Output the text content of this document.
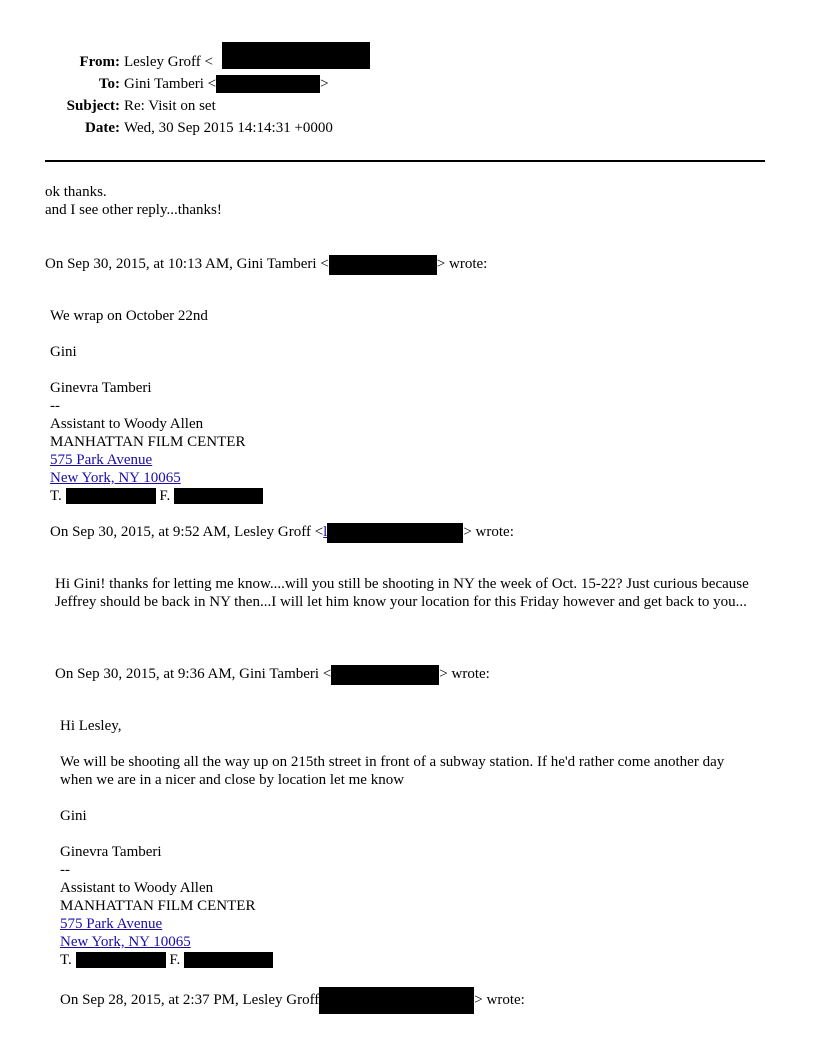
From: Lesley Groff <
To: Gini Tamberi <	>
Subject: Re: Visit on set
Date: Wed, 30 Sep 2015 14:14:31 +0000
ok thanks.
and I see other reply...thanks!
On Sep 30, 2015, at 10:13 AM, Gini Tamberi <	> wrote:
We wrap on October 22nd
Gini
Ginevra Tamberi
--
Assistant to Woody Allen
MANHATTAN FILM CENTER
575 Park Avenue
New York, NY 10065
T.	F.
On Sep 30, 2015, at 9:52 AM, Lesley Groff <l	> wrote:
Hi Gini! thanks for letting me know....will you still be shooting in NY the week of Oct. 15-22? Just curious because Jeffrey should be back in NY then...I will let him know your location for this Friday however and get back to you...
On Sep 30, 2015, at 9:36 AM, Gini Tamberi <	> wrote:
Hi Lesley,
We will be shooting all the way up on 215th street in front of a subway station. If he'd rather come another day when we are in a nicer and close by location let me know
Gini
Ginevra Tamberi
--
Assistant to Woody Allen
MANHATTAN FILM CENTER
575 Park Avenue
New York, NY 10065
T.	F.
On Sep 28, 2015, at 2:37 PM, Lesley Groff	> wrote:
